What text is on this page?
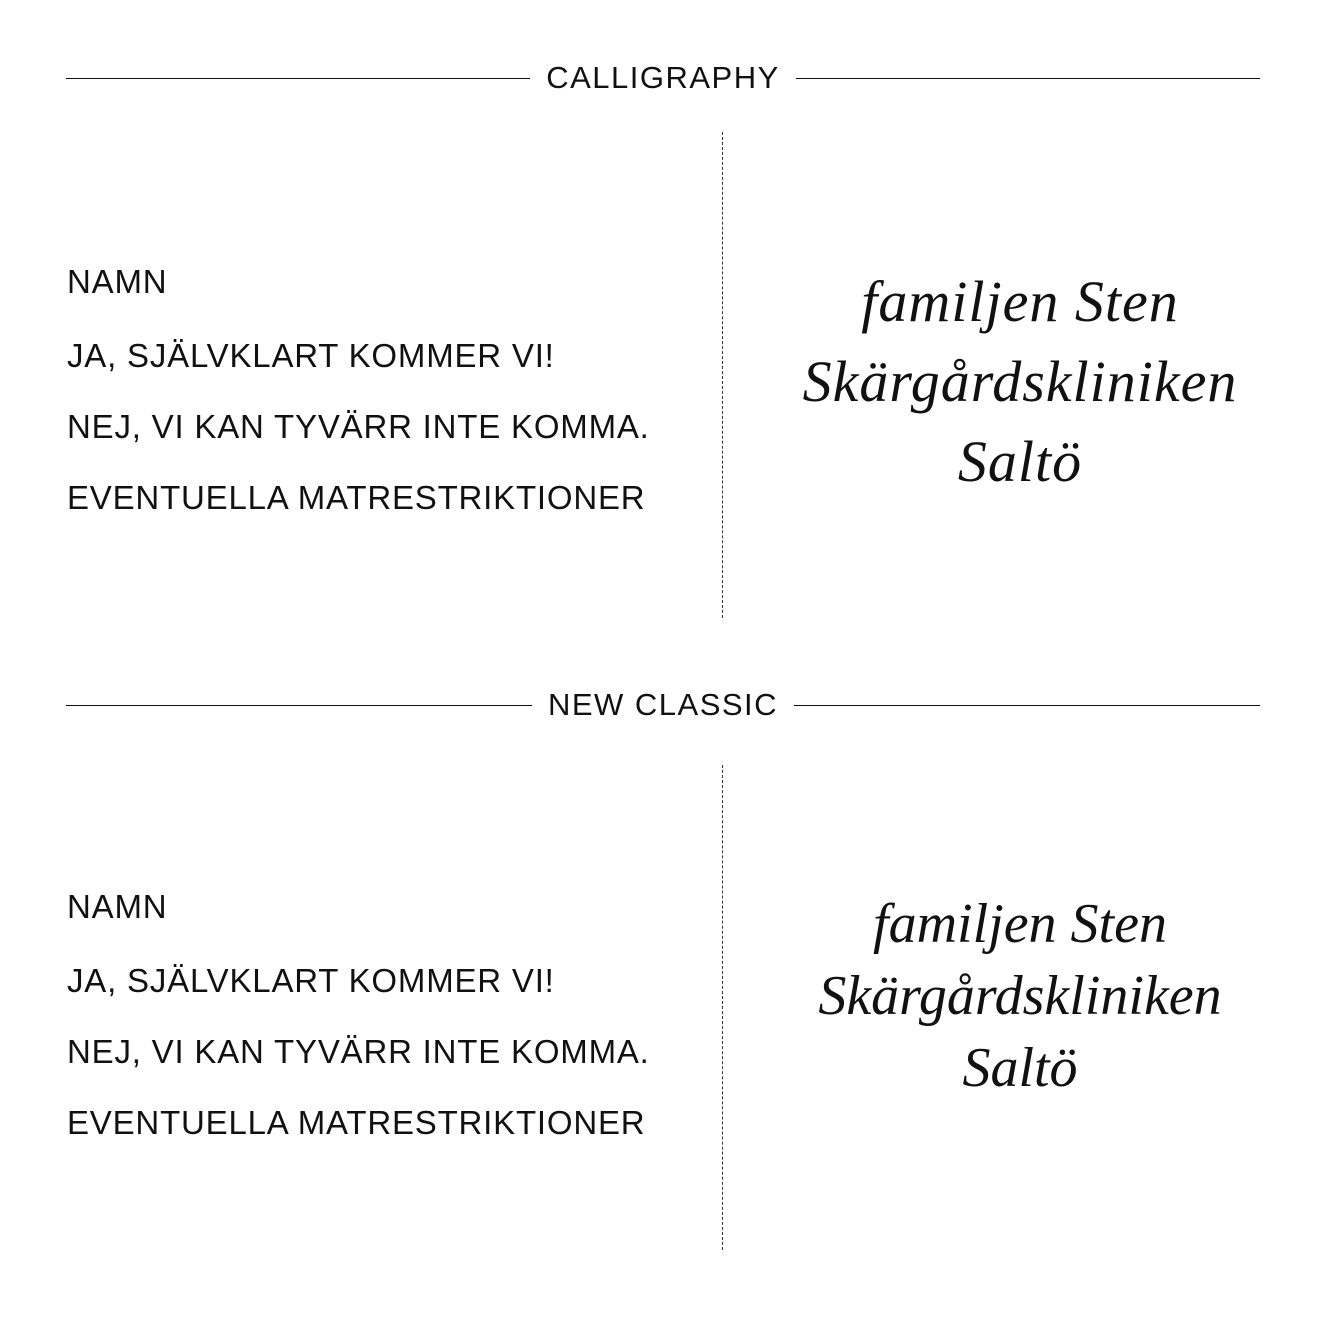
CALLIGRAPHY
NAMN
JA, SJÄLVKLART KOMMER VI!
NEJ, VI KAN TYVÄRR INTE KOMMA.
EVENTUELLA MATRESTRIKTIONER
familjen Sten
Skärgårdskliniken
Saltö
NEW CLASSIC
NAMN
JA, SJÄLVKLART KOMMER VI!
NEJ, VI KAN TYVÄRR INTE KOMMA.
EVENTUELLA MATRESTRIKTIONER
familjen Sten
Skärgårdskliniken
Saltö
